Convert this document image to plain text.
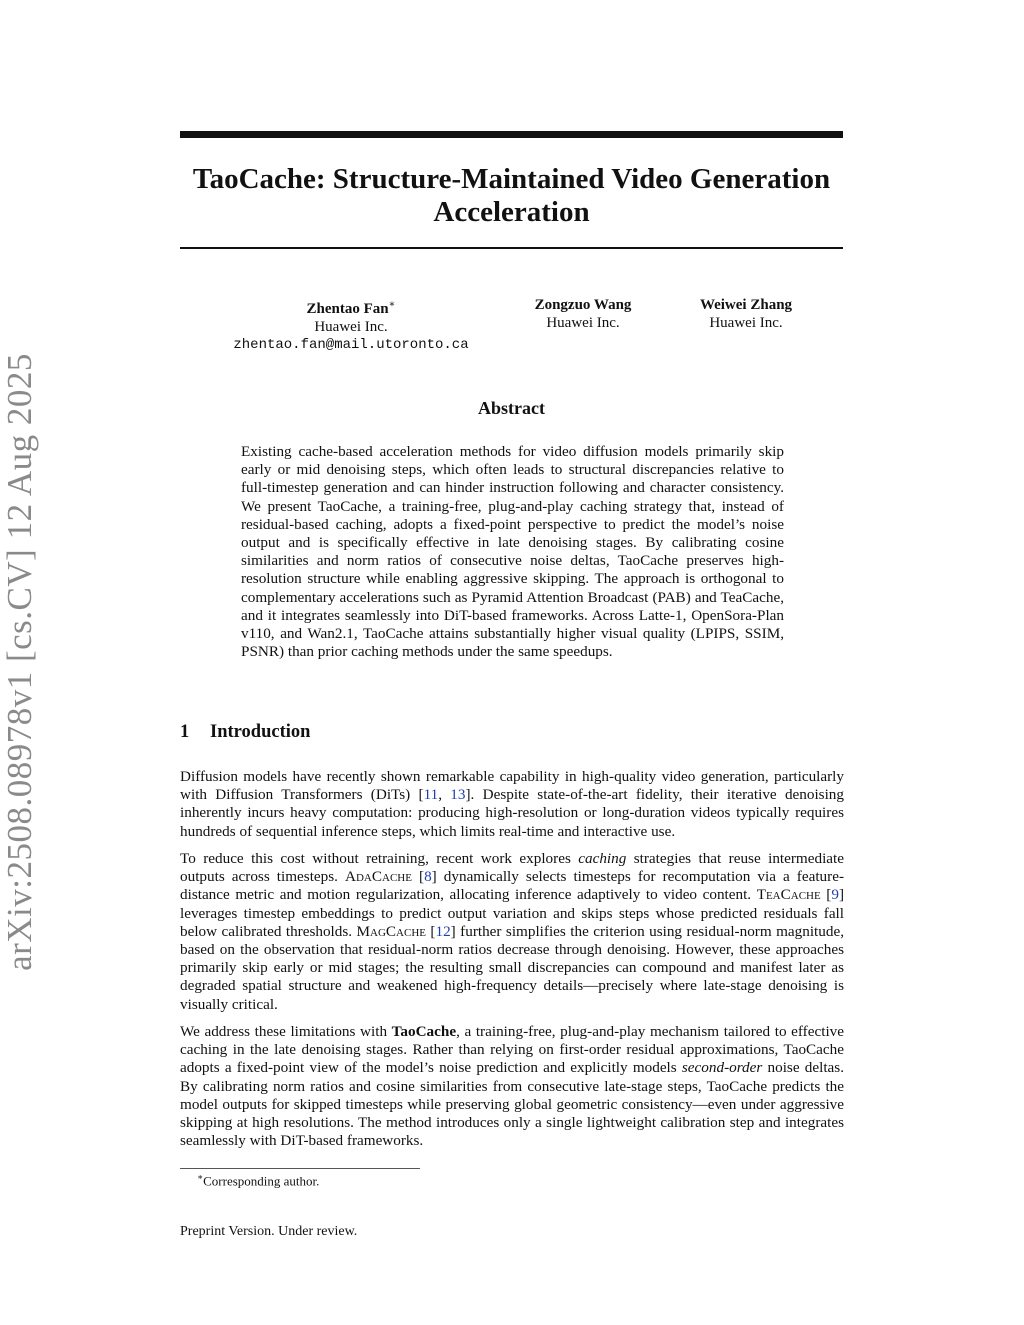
arXiv:2508.08978v1 [cs.CV] 12 Aug 2025
TaoCache: Structure-Maintained Video Generation
Acceleration
Zhentao Fan∗
Huawei Inc.
zhentao.fan@mail.utoronto.ca
Zongzuo Wang
Huawei Inc.
Weiwei Zhang
Huawei Inc.
Abstract
Existing cache-based acceleration methods for video diffusion models primarily skip early or mid denoising steps, which often leads to structural discrepancies relative to full-timestep generation and can hinder instruction following and character consistency. We present TaoCache, a training-free, plug-and-play caching strategy that, instead of residual-based caching, adopts a fixed-point perspective to predict the model’s noise output and is specifically effective in late denoising stages. By calibrating cosine similarities and norm ratios of consecutive noise deltas, TaoCache preserves high-resolution structure while enabling aggressive skipping. The approach is orthogonal to complementary accelerations such as Pyramid Attention Broadcast (PAB) and TeaCache, and it integrates seamlessly into DiT-based frameworks. Across Latte-1, OpenSora-Plan v110, and Wan2.1, TaoCache attains substantially higher visual quality (LPIPS, SSIM, PSNR) than prior caching methods under the same speedups.
1 Introduction
Diffusion models have recently shown remarkable capability in high-quality video generation, particularly with Diffusion Transformers (DiTs) [11, 13]. Despite state-of-the-art fidelity, their iterative denoising inherently incurs heavy computation: producing high-resolution or long-duration videos typically requires hundreds of sequential inference steps, which limits real-time and interactive use.
To reduce this cost without retraining, recent work explores caching strategies that reuse intermediate outputs across timesteps. AdaCache [8] dynamically selects timesteps for recomputation via a feature-distance metric and motion regularization, allocating inference adaptively to video content. TeaCache [9] leverages timestep embeddings to predict output variation and skips steps whose predicted residuals fall below calibrated thresholds. MagCache [12] further simplifies the criterion using residual-norm magnitude, based on the observation that residual-norm ratios decrease through denoising. However, these approaches primarily skip early or mid stages; the resulting small discrepancies can compound and manifest later as degraded spatial structure and weakened high-frequency details—precisely where late-stage denoising is visually critical.
We address these limitations with TaoCache, a training-free, plug-and-play mechanism tailored to effective caching in the late denoising stages. Rather than relying on first-order residual approximations, TaoCache adopts a fixed-point view of the model’s noise prediction and explicitly models second-order noise deltas. By calibrating norm ratios and cosine similarities from consecutive late-stage steps, TaoCache predicts the model outputs for skipped timesteps while preserving global geometric consistency—even under aggressive skipping at high resolutions. The method introduces only a single lightweight calibration step and integrates seamlessly with DiT-based frameworks.
∗Corresponding author.
Preprint Version. Under review.
